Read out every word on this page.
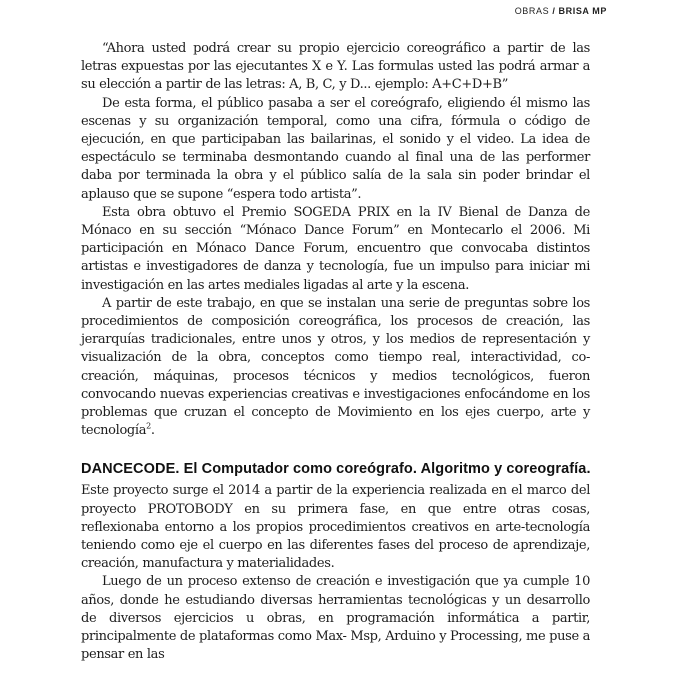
OBRAS / BRISA MP

“Ahora usted podrá crear su propio ejercicio coreográfico a partir de las letras expuestas por las ejecutantes X e Y. Las formulas usted las podrá armar a su elección a partir de las letras: A, B, C, y D... ejemplo: A+C+D+B”

De esta forma, el público pasaba a ser el coreógrafo, eligiendo él mismo las escenas y su organización temporal, como una cifra, fórmula o código de ejecución, en que participaban las bailarinas, el sonido y el video. La idea de espectáculo se terminaba desmontando cuando al final una de las performer daba por terminada la obra y el público salía de la sala sin poder brindar el aplauso que se supone “espera todo artista”.

Esta obra obtuvo el Premio SOGEDA PRIX en la IV Bienal de Danza de Mónaco en su sección “Mónaco Dance Forum” en Montecarlo el 2006. Mi participación en Mónaco Dance Forum, encuentro que convocaba distintos artistas e investigadores de danza y tecnología, fue un impulso para iniciar mi investigación en las artes mediales ligadas al arte y la escena.

A partir de este trabajo, en que se instalan una serie de preguntas sobre los procedimientos de composición coreográfica, los procesos de creación, las jerarquías tradicionales, entre unos y otros, y los medios de representación y visualización de la obra, conceptos como tiempo real, interactividad, co-creación, máquinas, procesos técnicos y medios tecnológicos, fueron convocando nuevas experiencias creativas e investigaciones enfocándome en los problemas que cruzan el concepto de Movimiento en los ejes cuerpo, arte y tecnología$^2$.

DANCECODE. El Computador como coreógrafo. Algoritmo y coreografía.

Este proyecto surge el 2014 a partir de la experiencia realizada en el marco del proyecto PROTOBODY en su primera fase, en que entre otras cosas, reflexionaba entorno a los propios procedimientos creativos en arte-tecnología teniendo como eje el cuerpo en las diferentes fases del proceso de aprendizaje, creación, manufactura y materialidades.

Luego de un proceso extenso de creación e investigación que ya cumple 10 años, donde he estudiando diversas herramientas tecnológicas y un desarrollo de diversos ejercicios u obras, en programación informática a partir, principalmente de plataformas como Max- Msp, Arduino y Processing, me puse a pensar en las
